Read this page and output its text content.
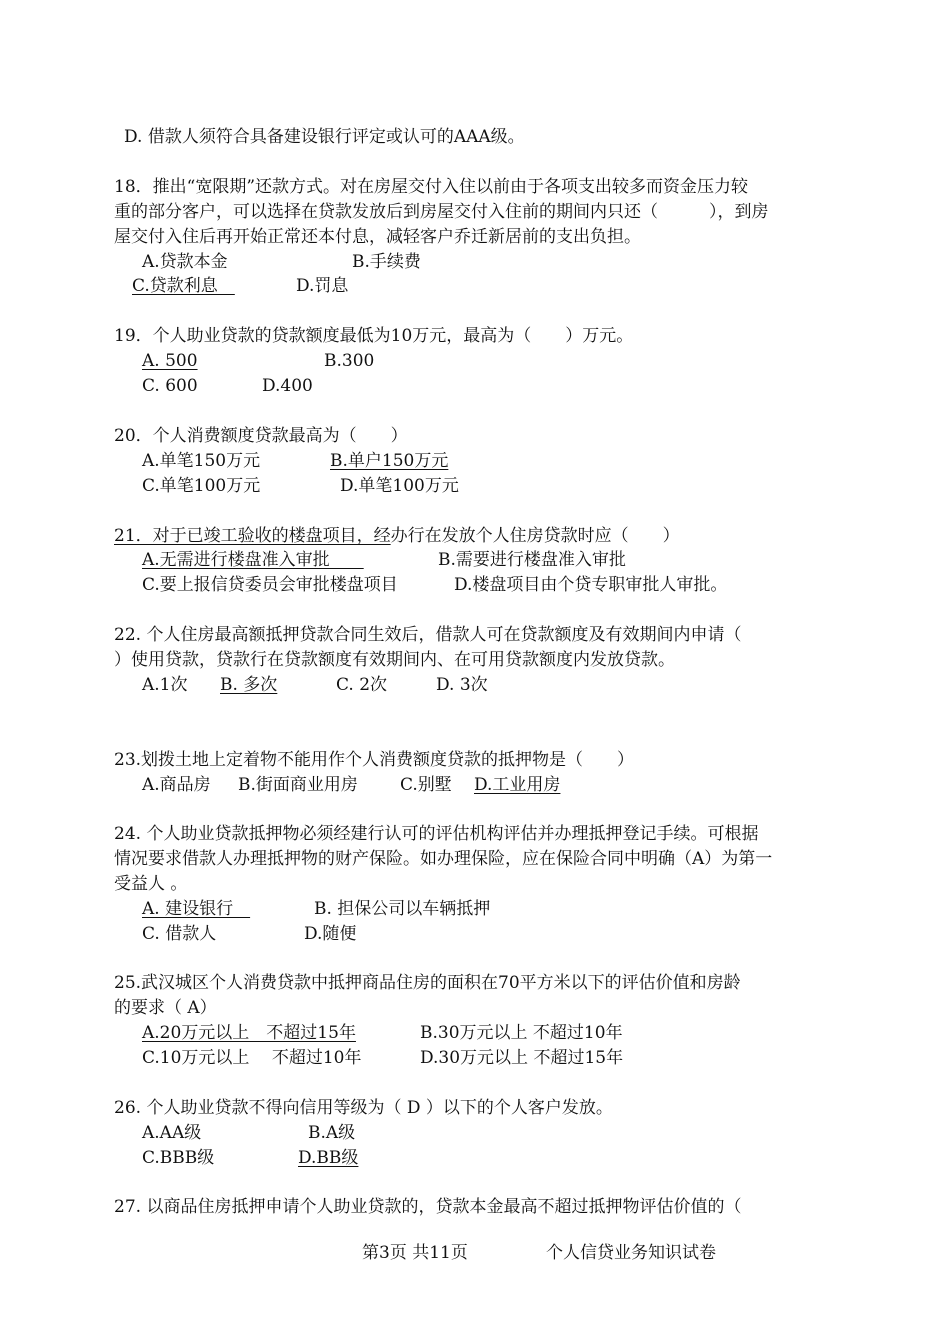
D. 借款人须符合具备建设银行评定或认可的AAA级。
18．推出“宽限期”还款方式。对在房屋交付入住以前由于各项支出较多而资金压力较
重的部分客户，可以选择在贷款发放后到房屋交付入住前的期间内只还（　　　），到房
屋交付入住后再开始正常还本付息，减轻客户乔迁新居前的支出负担。
A.贷款本金	B.手续费
C.贷款利息　	D.罚息
19．个人助业贷款的贷款额度最低为10万元，最高为（　　）万元。
A. 500	B.300
C. 600	D.400
20．个人消费额度贷款最高为（　　）
A.单笔150万元	B.单户150万元
C.单笔100万元	D.单笔100万元
21．对于已竣工验收的楼盘项目，经办行在发放个人住房贷款时应（　　）
A.无需进行楼盘准入审批　　	B.需要进行楼盘准入审批
C.要上报信贷委员会审批楼盘项目	D.楼盘项目由个贷专职审批人审批。
22. 个人住房最高额抵押贷款合同生效后，借款人可在贷款额度及有效期间内申请（
）使用贷款，贷款行在贷款额度有效期间内、在可用贷款额度内发放贷款。
A.1次 B. 多次	C. 2次	D. 3次
23.划拨土地上定着物不能用作个人消费额度贷款的抵押物是（　　）
A.商品房 B.街面商业用房 C.别墅 D.工业用房
24. 个人助业贷款抵押物必须经建行认可的评估机构评估并办理抵押登记手续。可根据
情况要求借款人办理抵押物的财产保险。如办理保险，应在保险合同中明确（A）为第一
受益人 。
A. 建设银行　	B. 担保公司以车辆抵押
C. 借款人	D.随便
25.武汉城区个人消费贷款中抵押商品住房的面积在70平方米以下的评估价值和房龄
的要求（ A）
A.20万元以上　不超过15年	B.30万元以上 不超过10年
C.10万元以上　 不超过10年	D.30万元以上 不超过15年
26. 个人助业贷款不得向信用等级为（ D ）以下的个人客户发放。
A.AA级	B.A级
C.BBB级	D.BB级
27. 以商品住房抵押申请个人助业贷款的，贷款本金最高不超过抵押物评估价值的（
第3页 共11页	个人信贷业务知识试卷
